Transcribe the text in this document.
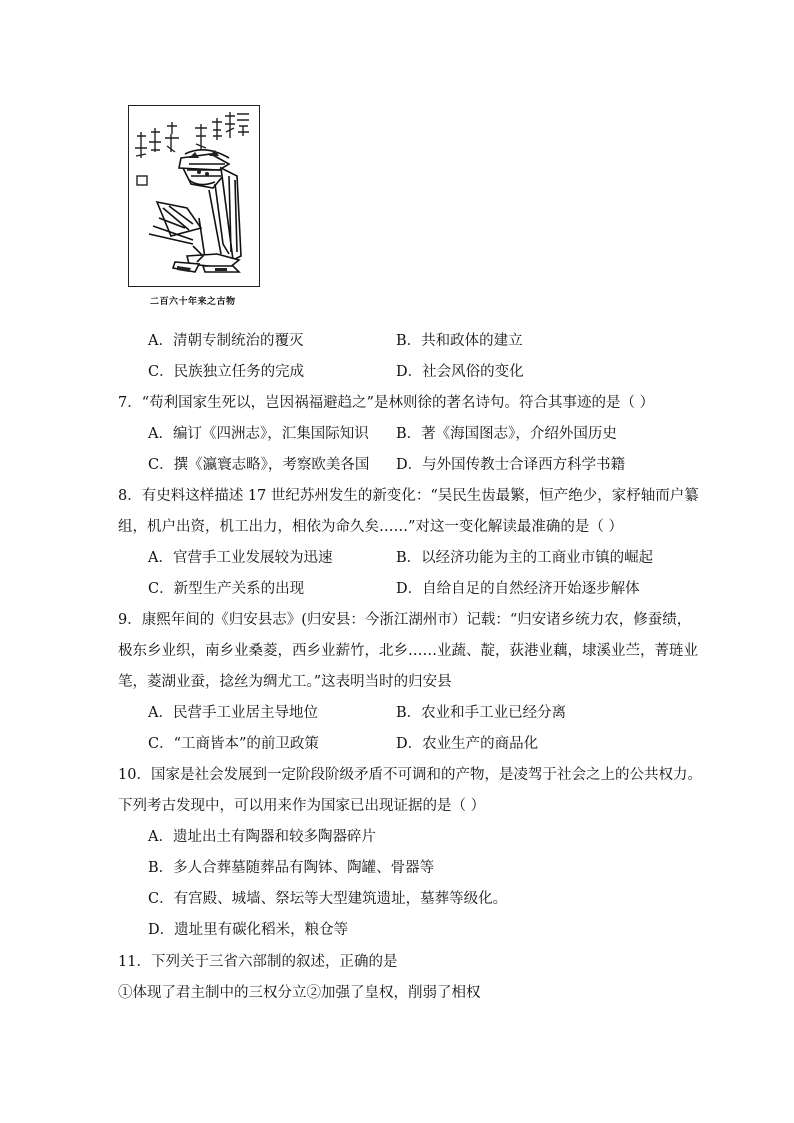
二百六十年来之古物
A．清朝专制统治的覆灭	B．共和政体的建立
C．民族独立任务的完成	D．社会风俗的变化
7．“苟利国家生死以，岂因祸福避趋之”是林则徐的著名诗句。符合其事迹的是（ ）
A．编订《四洲志》，汇集国际知识 B．著《海国图志》，介绍外国历史
C．撰《瀛寰志略》，考察欧美各国 D．与外国传教士合译西方科学书籍
8．有史料这样描述 17 世纪苏州发生的新变化：“吴民生齿最繁，恒产绝少，家杼轴而户纂
组，机户出资，机工出力，相依为命久矣……”对这一变化解读最准确的是（ ）
A．官营手工业发展较为迅速	B．以经济功能为主的工商业市镇的崛起
C．新型生产关系的出现	D．自给自足的自然经济开始逐步解体
9．康熙年间的《归安县志》(归安县：今浙江湖州市）记载：“归安诸乡统力农，修蚕绩，
极东乡业织，南乡业桑菱，西乡业薪竹，北乡……业蔬、靛，荻港业藕，埭溪业苎，菁琏业
笔，菱湖业蚕，捻丝为绸尤工。”这表明当时的归安县
A．民营手工业居主导地位	B．农业和手工业已经分离
C．“工商皆本”的前卫政策	D．农业生产的商品化
10．国家是社会发展到一定阶段阶级矛盾不可调和的产物，是凌驾于社会之上的公共权力。
下列考古发现中，可以用来作为国家已出现证据的是（ ）
A．遗址出土有陶器和较多陶器碎片
B．多人合葬墓随葬品有陶钵、陶罐、骨器等
C．有宫殿、城墙、祭坛等大型建筑遗址，墓葬等级化。
D．遗址里有碳化稻米，粮仓等
11．下列关于三省六部制的叙述，正确的是
①体现了君主制中的三权分立②加强了皇权，削弱了相权
